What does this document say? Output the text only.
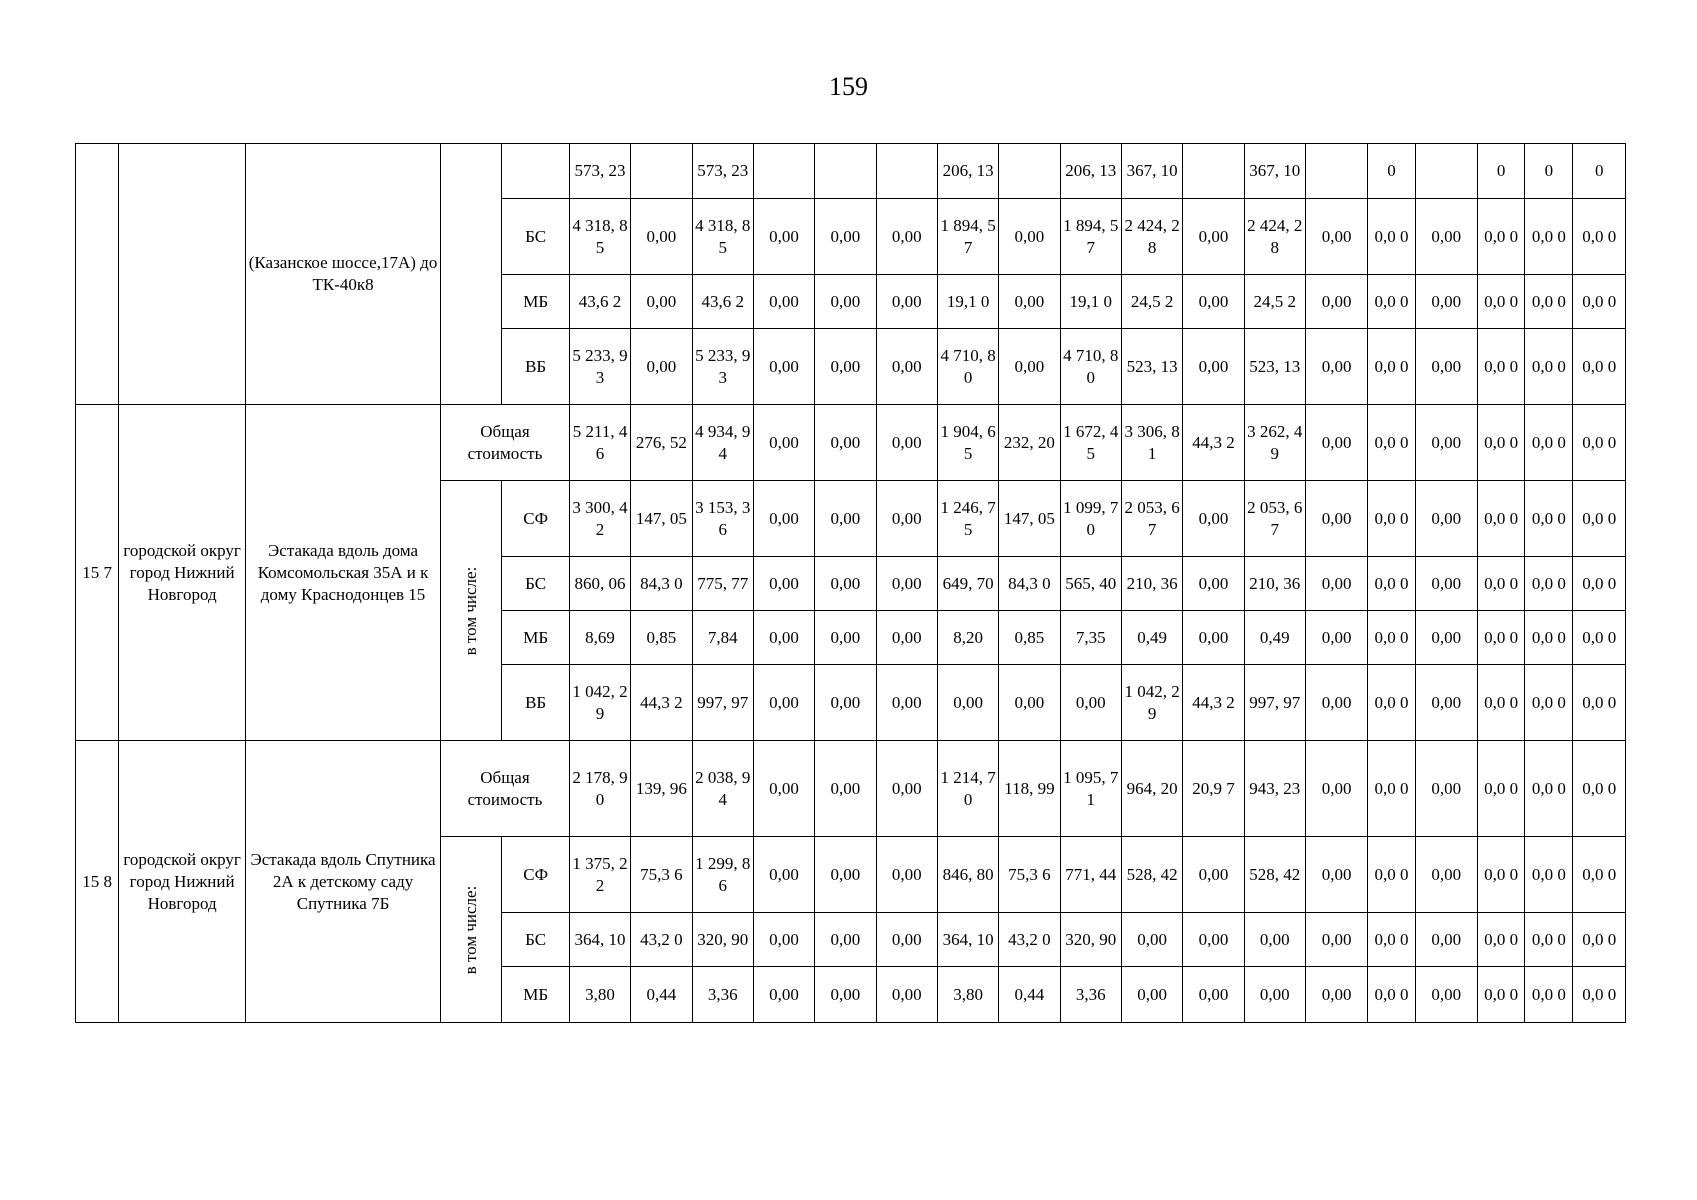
159
		(Казанское шоссе,17А) до ТК-40к8			573, 23		573, 23				206, 13		206, 13	367, 10		367, 10		0		0	0	0
				БС	4 318, 85	0,00	4 318, 85	0,00	0,00	0,00	1 894, 57	0,00	1 894, 57	2 424, 28	0,00	2 424, 28	0,00	0,0 0	0,00	0,0 0	0,0 0	0,0 0
				МБ	43,6 2	0,00	43,6 2	0,00	0,00	0,00	19,1 0	0,00	19,1 0	24,5 2	0,00	24,5 2	0,00	0,0 0	0,00	0,0 0	0,0 0	0,0 0
				ВБ	5 233, 93	0,00	5 233, 93	0,00	0,00	0,00	4 710, 80	0,00	4 710, 80	523, 13	0,00	523, 13	0,00	0,0 0	0,00	0,0 0	0,0 0	0,0 0
15 7	городской округ город Нижний Новгород	Эстакада вдоль дома Комсомольская 35А и к дому Краснодонцев 15	Общая стоимость		5 211, 46	276, 52	4 934, 94	0,00	0,00	0,00	1 904, 65	232, 20	1 672, 45	3 306, 81	44,3 2	3 262, 49	0,00	0,0 0	0,00	0,0 0	0,0 0	0,0 0

			в том числе:	СФ	3 300, 42	147, 05	3 153, 36	0,00	0,00	0,00	1 246, 75	147, 05	1 099, 70	2 053, 67	0,00	2 053, 67	0,00	0,0 0	0,00	0,0 0	0,0 0	0,0 0
				БС	860, 06	84,3 0	775, 77	0,00	0,00	0,00	649, 70	84,3 0	565, 40	210, 36	0,00	210, 36	0,00	0,0 0	0,00	0,0 0	0,0 0	0,0 0
				МБ	8,69	0,85	7,84	0,00	0,00	0,00	8,20	0,85	7,35	0,49	0,00	0,49	0,00	0,0 0	0,00	0,0 0	0,0 0	0,0 0
				ВБ	1 042, 29	44,3 2	997, 97	0,00	0,00	0,00	0,00	0,00	0,00	1 042, 29	44,3 2	997, 97	0,00	0,0 0	0,00	0,0 0	0,0 0	0,0 0
15 8	городской округ город Нижний Новгород	Эстакада вдоль Спутника 2А к детскому саду Спутника 7Б	Общая стоимость		2 178, 90	139, 96	2 038, 94	0,00	0,00	0,00	1 214, 70	118, 99	1 095, 71	964, 20	20,9 7	943, 23	0,00	0,0 0	0,00	0,0 0	0,0 0	0,0 0

			в том числе:	СФ	1 375, 22	75,3 6	1 299, 86	0,00	0,00	0,00	846, 80	75,3 6	771, 44	528, 42	0,00	528, 42	0,00	0,0 0	0,00	0,0 0	0,0 0	0,0 0
				БС	364, 10	43,2 0	320, 90	0,00	0,00	0,00	364, 10	43,2 0	320, 90	0,00	0,00	0,00	0,00	0,0 0	0,00	0,0 0	0,0 0	0,0 0
				МБ	3,80	0,44	3,36	0,00	0,00	0,00	3,80	0,44	3,36	0,00	0,00	0,00	0,00	0,0 0	0,00	0,0 0	0,0 0	0,0 0
